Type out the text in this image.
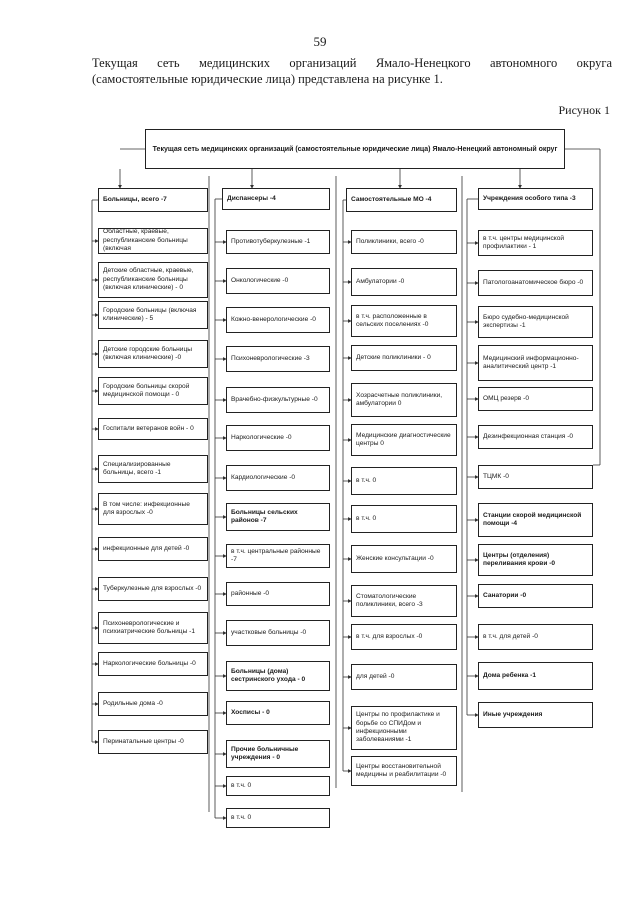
59
Текущая сеть медицинских организаций Ямало-Ненецкого автономного округа (самостоятельные юридические лица) представлена на рисунке 1.
Рисунок 1
Текущая сеть медицинских организаций (самостоятельные юридические лица) Ямало-Ненецкий автономный округ
Больницы, всего -7
Областные, краевые, республиканские больницы (включая
Детские областные, краевые, республиканские больницы (включая клинические) - 0
Городские больницы (включая клинические) - 5
Детские городские больницы (включая клинические) -0
Городские больницы скорой медицинской помощи - 0
Госпитали ветеранов войн - 0
Специализированные больницы, всего -1
В том числе: инфекционные для взрослых -0
инфекционные для детей -0
Туберкулезные для взрослых -0
Психоневрологические и психиатрические больницы -1
Наркологические больницы -0
Родильные дома -0
Перинатальные центры -0
Диспансеры -4
Противотуберкулезные -1
Онкологические -0
Кожно-венерологические -0
Психоневрологические -3
Врачебно-физкультурные -0
Наркологические -0
Кардиологические -0
Больницы сельских районов -7
в т.ч. центральные районные -7
районные -0
участковые больницы -0
Больницы (дома) сестринского ухода - 0
Хосписы - 0
Прочие больничные учреждения - 0
в т.ч. 0
в т.ч. 0
Самостоятельные МО -4
Поликлиники, всего -0
Амбулатории -0
в т.ч. расположенные в сельских поселениях -0
Детские поликлиники - 0
Хозрасчетные поликлиники, амбулатории 0
Медицинские диагностические центры 0
в т.ч. 0
в т.ч. 0
Женские консультации -0
Стоматологические поликлиники, всего -3
в т.ч. для взрослых -0
для детей -0
Центры по профилактике и борьбе со СПИДом и инфекционными заболеваниями -1
Центры восстановительной медицины и реабилитации -0
Учреждения особого типа -3
в т.ч. центры медицинской профилактики - 1
Патологоанатомическое бюро -0
Бюро судебно-медицинской экспертизы -1
Медицинский информационно-аналитический центр -1
ОМЦ резерв -0
Дезинфекционная станция -0
ТЦМК -0
Станции скорой медицинской помощи -4
Центры (отделения) переливания крови -0
Санатории -0
в т.ч. для детей -0
Дома ребенка -1
Иные учреждения
